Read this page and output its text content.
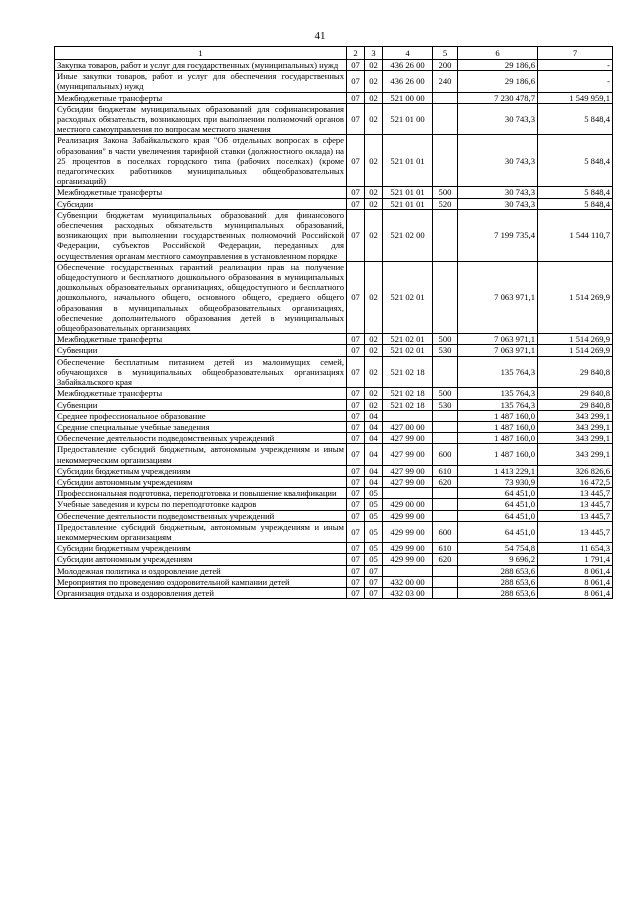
41
1	2	3	4	5	6	7
Закупка товаров, работ и услуг для государственных (муниципальных) нужд	07	02	436 26 00	200	29 186,6	-
Иные закупки товаров, работ и услуг для обеспечения государственных (муниципальных) нужд	07	02	436 26 00	240	29 186,6	-
Межбюджетные трансферты	07	02	521 00 00		7 230 478,7	1 549 959,1
Субсидии бюджетам муниципальных образований для софинансирования расходных обязательств, возникающих при выполнении полномочий органов местного самоуправления по вопросам местного значения	07	02	521 01 00		30 743,3	5 848,4
Реализация Закона Забайкальского края "Об отдельных вопросах в сфере образования" в части увеличения тарифной ставки (должностного оклада) на 25 процентов в поселках городского типа (рабочих поселках) (кроме педагогических работников муниципальных общеобразовательных организаций)	07	02	521 01 01		30 743,3	5 848,4
Межбюджетные трансферты	07	02	521 01 01	500	30 743,3	5 848,4
Субсидии	07	02	521 01 01	520	30 743,3	5 848,4
Субвенции бюджетам муниципальных образований для финансового обеспечения расходных обязательств муниципальных образований, возникающих при выполнении государственных полномочий Российской Федерации, субъектов Российской Федерации, переданных для осуществления органам местного самоуправления в установленном порядке	07	02	521 02 00		7 199 735,4	1 544 110,7
Обеспечение государственных гарантий реализации прав на получение общедоступного и бесплатного дошкольного образования в муниципальных дошкольных образовательных организациях, общедоступного и бесплатного дошкольного, начального общего, основного общего, среднего общего образования в муниципальных общеобразовательных организациях, обеспечение дополнительного образования детей в муниципальных общеобразовательных организациях	07	02	521 02 01		7 063 971,1	1 514 269,9
Межбюджетные трансферты	07	02	521 02 01	500	7 063 971,1	1 514 269,9
Субвенции	07	02	521 02 01	530	7 063 971,1	1 514 269,9
Обеспечение бесплатным питанием детей из малоимущих семей, обучающихся в муниципальных общеобразовательных организациях Забайкальского края	07	02	521 02 18		135 764,3	29 840,8
Межбюджетные трансферты	07	02	521 02 18	500	135 764,3	29 840,8
Субвенции	07	02	521 02 18	530	135 764,3	29 840,8
Среднее профессиональное образование	07	04			1 487 160,0	343 299,1
Средние специальные учебные заведения	07	04	427 00 00		1 487 160,0	343 299,1
Обеспечение деятельности подведомственных учреждений	07	04	427 99 00		1 487 160,0	343 299,1
Предоставление субсидий бюджетным, автономным учреждениям и иным некоммерческим организациям	07	04	427 99 00	600	1 487 160,0	343 299,1
Субсидии бюджетным учреждениям	07	04	427 99 00	610	1 413 229,1	326 826,6
Субсидии автономным учреждениям	07	04	427 99 00	620	73 930,9	16 472,5
Профессиональная подготовка, переподготовка и повышение квалификации	07	05			64 451,0	13 445,7
Учебные заведения и курсы по переподготовке кадров	07	05	429 00 00		64 451,0	13 445,7
Обеспечение деятельности подведомственных учреждений	07	05	429 99 00		64 451,0	13 445,7
Предоставление субсидий бюджетным, автономным учреждениям и иным некоммерческим организациям	07	05	429 99 00	600	64 451,0	13 445,7
Субсидии бюджетным учреждениям	07	05	429 99 00	610	54 754,8	11 654,3
Субсидии автономным учреждениям	07	05	429 99 00	620	9 696,2	1 791,4
Молодежная политика и оздоровление детей	07	07			288 653,6	8 061,4
Мероприятия по проведению оздоровительной кампании детей	07	07	432 00 00		288 653,6	8 061,4
Организация отдыха и оздоровления детей	07	07	432 03 00		288 653,6	8 061,4
